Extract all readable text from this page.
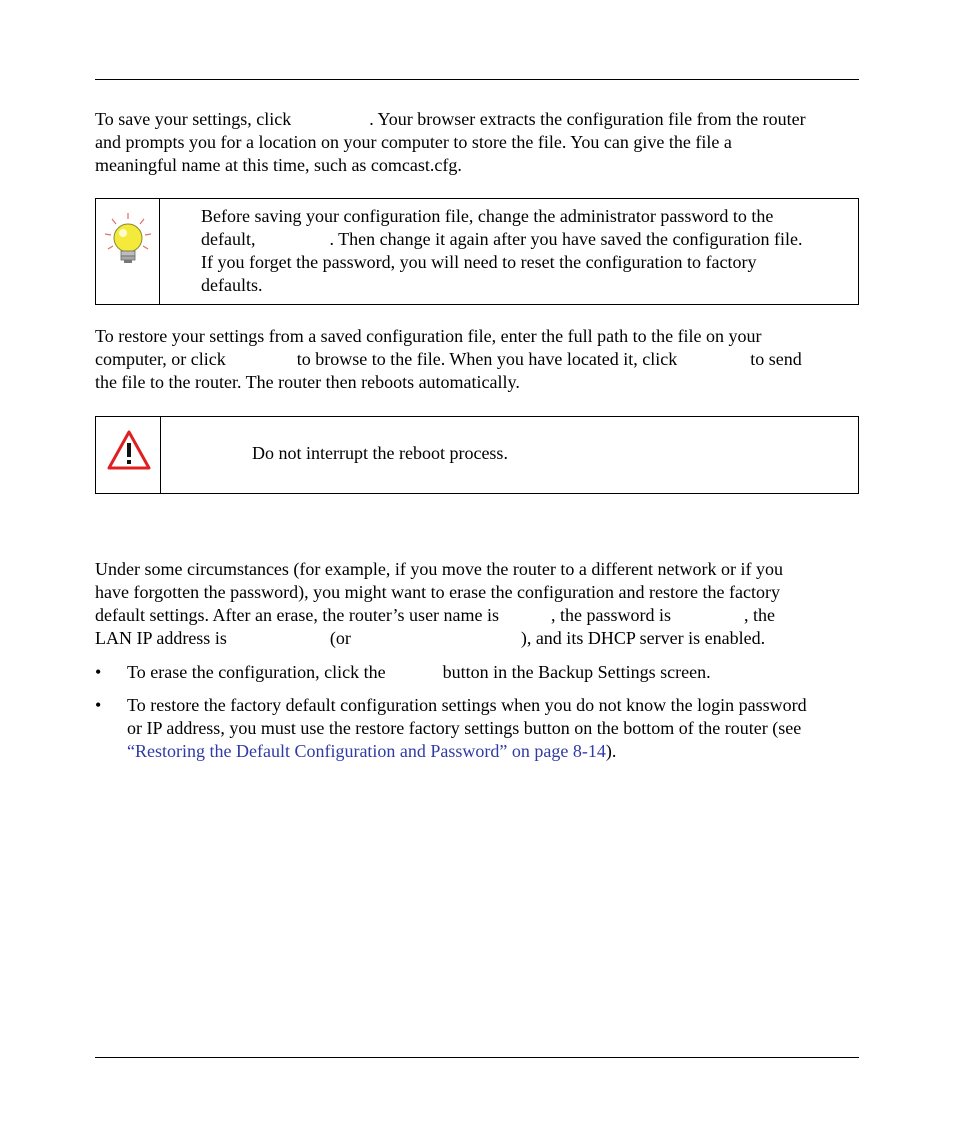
To save your settings, click	. Your browser extracts the configuration file from the router
and prompts you for a location on your computer to store the file. You can give the file a
meaningful name at this time, such as comcast.cfg.

Before saving your configuration file, change the administrator password to the
default,	. Then change it again after you have saved the configuration file.
If you forget the password, you will need to reset the configuration to factory
defaults.

To restore your settings from a saved configuration file, enter the full path to the file on your
computer, or click	to browse to the file. When you have located it, click	to send
the file to the router. The router then reboots automatically.

Do not interrupt the reboot process.

Under some circumstances (for example, if you move the router to a different network or if you
have forgotten the password), you might want to erase the configuration and restore the factory
default settings. After an erase, the router’s user name is	, the password is	, the
LAN IP address is	(or	), and its DHCP server is enabled.

• To erase the configuration, click the	button in the Backup Settings screen.
• To restore the factory default configuration settings when you do not know the login password
or IP address, you must use the restore factory settings button on the bottom of the router (see
“Restoring the Default Configuration and Password” on page 8-14).
